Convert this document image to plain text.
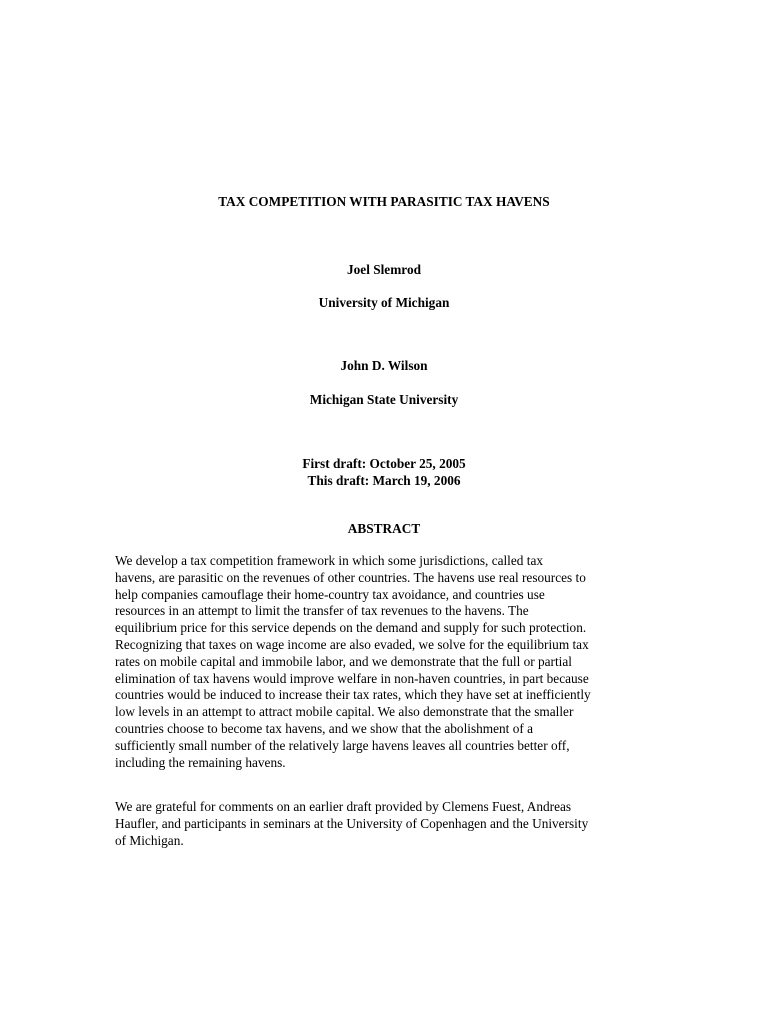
TAX COMPETITION WITH PARASITIC TAX HAVENS
Joel Slemrod
University of Michigan
John D. Wilson
Michigan State University
First draft: October 25, 2005
This draft: March 19, 2006
ABSTRACT
We develop a tax competition framework in which some jurisdictions, called tax
havens, are parasitic on the revenues of other countries. The havens use real resources to
help companies camouflage their home-country tax avoidance, and countries use
resources in an attempt to limit the transfer of tax revenues to the havens. The
equilibrium price for this service depends on the demand and supply for such protection.
Recognizing that taxes on wage income are also evaded, we solve for the equilibrium tax
rates on mobile capital and immobile labor, and we demonstrate that the full or partial
elimination of tax havens would improve welfare in non-haven countries, in part because
countries would be induced to increase their tax rates, which they have set at inefficiently
low levels in an attempt to attract mobile capital. We also demonstrate that the smaller
countries choose to become tax havens, and we show that the abolishment of a
sufficiently small number of the relatively large havens leaves all countries better off,
including the remaining havens.
We are grateful for comments on an earlier draft provided by Clemens Fuest, Andreas
Haufler, and participants in seminars at the University of Copenhagen and the University
of Michigan.
